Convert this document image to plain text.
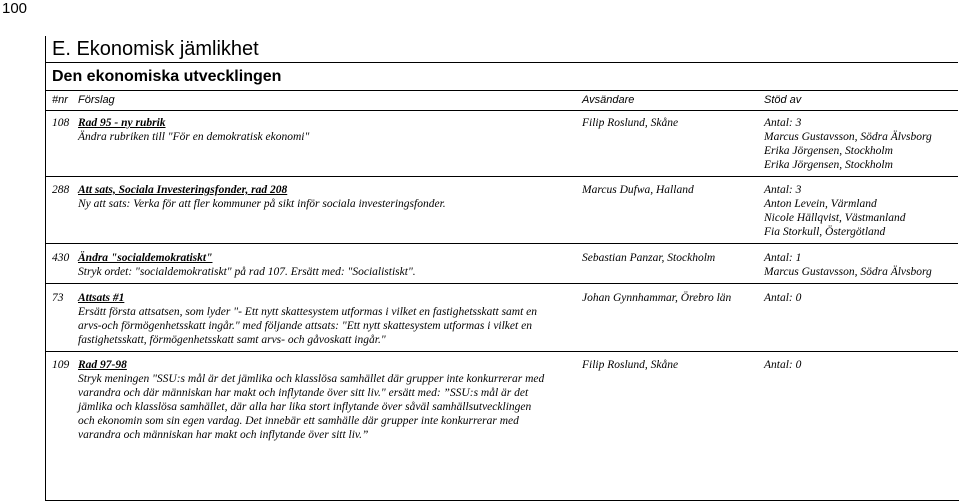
100
E. Ekonomisk jämlikhet
Den ekonomiska utvecklingen
#nr Förslag	Avsändare	Stöd av
108 Rad 95 - ny rubrik
Ändra rubriken till "För en demokratisk ekonomi"
Filip Roslund, Skåne	Antal: 3
Marcus Gustavsson, Södra Älvsborg
Erika Jörgensen, Stockholm
Erika Jörgensen, Stockholm
288 Att sats, Sociala Investeringsfonder, rad 208
Ny att sats: Verka för att fler kommuner på sikt inför sociala investeringsfonder.
Marcus Dufwa, Halland	Antal: 3
Anton Levein, Värmland
Nicole Hällqvist, Västmanland
Fia Storkull, Östergötland
430 Ändra "socialdemokratiskt"
Stryk ordet: "socialdemokratiskt" på rad 107. Ersätt med: "Socialistiskt".
Sebastian Panzar, Stockholm	Antal: 1
Marcus Gustavsson, Södra Älvsborg
73 Attsats #1
Ersätt första attsatsen, som lyder "- Ett nytt skattesystem utformas i vilket en fastighetsskatt samt en
arvs-och förmögenhetsskatt ingår." med följande attsats: "Ett nytt skattesystem utformas i vilket en
fastighetsskatt, förmögenhetsskatt samt arvs- och gåvoskatt ingår."
Johan Gynnhammar, Örebro län	Antal: 0
109 Rad 97-98
Stryk meningen "SSU:s mål är det jämlika och klasslösa samhället där grupper inte konkurrerar med
varandra och där människan har makt och inflytande över sitt liv." ersätt med: ”SSU:s mål är det
jämlika och klasslösa samhället, där alla har lika stort inflytande över såväl samhällsutvecklingen
och ekonomin som sin egen vardag. Det innebär ett samhälle där grupper inte konkurrerar med
varandra och människan har makt och inflytande över sitt liv.”
Filip Roslund, Skåne	Antal: 0
